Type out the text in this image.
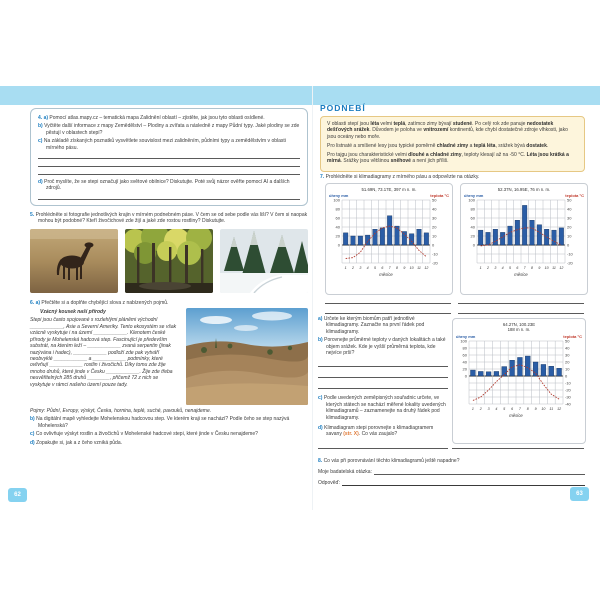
4. a) Pomocí atlas.mapy.cz – tematická mapa Zalidnění oblastí – zjistěte, jak jsou tyto oblasti osídlené.
b) Vyčtěte další informace z mapy Zemědělství – Plodiny a zvířata a následně z mapy Půdní typy. Jaké plodiny se zde pěstují v oblastech stepí?
c) Na základě získaných poznatků vysvětlete souvislost mezi zalidněním, půdními typy a zemědělstvím v oblasti mírného pásu.
d) Proč myslíte, že se stepi označují jako světové obilnice? Diskutujte. Poté svůj názor ověřte pomocí AI a dalších zdrojů.
5. Prohlédněte si fotografie jednotlivých krajin v mírném podnebném páse. V čem se od sebe podle vás liší? V čem si naopak mohou být podobné? Kteří živočichové zde žijí a jaké zde rostou rostliny? Diskutujte.
6. a) Přečtěte si a doplňte chybějící slova z nabízených pojmů.
Vzácný kousek naší přírody
Stepi jsou často spojované s rozlehlými pláněmi východní ____________, Asie a Severní Ameriky. Tento ekosystém se však vzácně vyskytuje i na území ____________. Klenotem české přírody je Mohelenská hadcová step. Fascinující je především substrát, na kterém leží – ____________ zvaná serpentin (jinak nazývána i hadec), ____________ podloží zde pak vytváří neobvyklé ____________ a ____________ podmínky, které ovlivňují ____________ rostlin i živočichů. Díky tomu zde žije mnoho druhů, které jinde v Česku ____________. Žije zde třeba neuvěřitelných 285 druhů ________, přičemž 72 z nich se vyskytuje v rámci našeho území pouze tady.
Pojmy: Půdní, Evropy, výskyt, Česka, hornina, teplé, suché, pavouků, nenajdeme.
b) Na digitální mapě vyhledejte Mohelenskou hadcovou step. Ve kterém kraji se nachází? Podle čeho se step nazývá Mohelenská?
c) Co ovlivňuje výskyt rostlin a živočichů v Mohelenské hadcové stepi, které jinde v Česku nenajdeme?
d) Zopakujte si, jak a z čeho vzniká půda.
62
PODNEBÍ
V oblasti stepí jsou léta velmi teplá, zatímco zimy bývají studené. Po celý rok zde panuje nedostatek dešťových srážek. Důvodem je poloha ve vnitrozemí kontinentů, kde chybí dostatečné zdroje vlhkosti, jako jsou oceány nebo moře.
Pro listnaté a smíšené lesy jsou typické poměrně chladné zimy a teplá léta, srážek bývá dostatek.
Pro tajgu jsou charakteristické velmi dlouhé a chladné zimy, teploty klesají až na -50 °C. Léta jsou krátká a mírná. Srážky jsou většinou sněhové a není jich příliš.
7. Prohlédněte si klimadiagramy z mírného pásu a odpovězte na otázky.
51.69N, 73.17E, 397 m n. m.
úhrny mm	teplota °C
50
40
30
20
10
0
-10
-20
100
80
60
40
20
0
1 2 3 4 5 6 7 8 9 10 11 12
měsíce
52.37N, 16.95E, 76 m n. m.
úhrny mm	teplota °C
50
40
30
20
10
0
-10
-20
100
80
60
40
20
0
1 2 3 4 5 6 7 8 9 10 11 12
měsíce
a) Určete ke kterým biomům patří jednotlivé klimadiagramy. Zaznačte na první řádek pod klimadiagramy.
b) Porovnejte průměrné teploty v daných lokalitách a také objem srážek. Kde je vyšší průměrná teplota, kde nejvíce prší?
c) Podle uvedených zeměpisných souřadnic určete, ve kterých státech se nachází měřené lokality uvedených klimadiagramů – zaznamenejte na druhý řádek pod klimadiagramy.
d) Klimadiagram stepi porovnejte s klimadiagramem savany (str. X). Co vás zaujalo?
64.27N, 100.23E
188 m n. m.
úhrny mm	teplota °C
50
40
30
20
10
0
-10
-20
-30
-40
100
80
60
40
20
0
1 2 3 4 5 6 7 8 9 10 11 12
měsíce
8. Co vás při porovnávání těchto klimadiagramů ještě napadne?
Moje badatelská otázka:
Odpověď:
63
